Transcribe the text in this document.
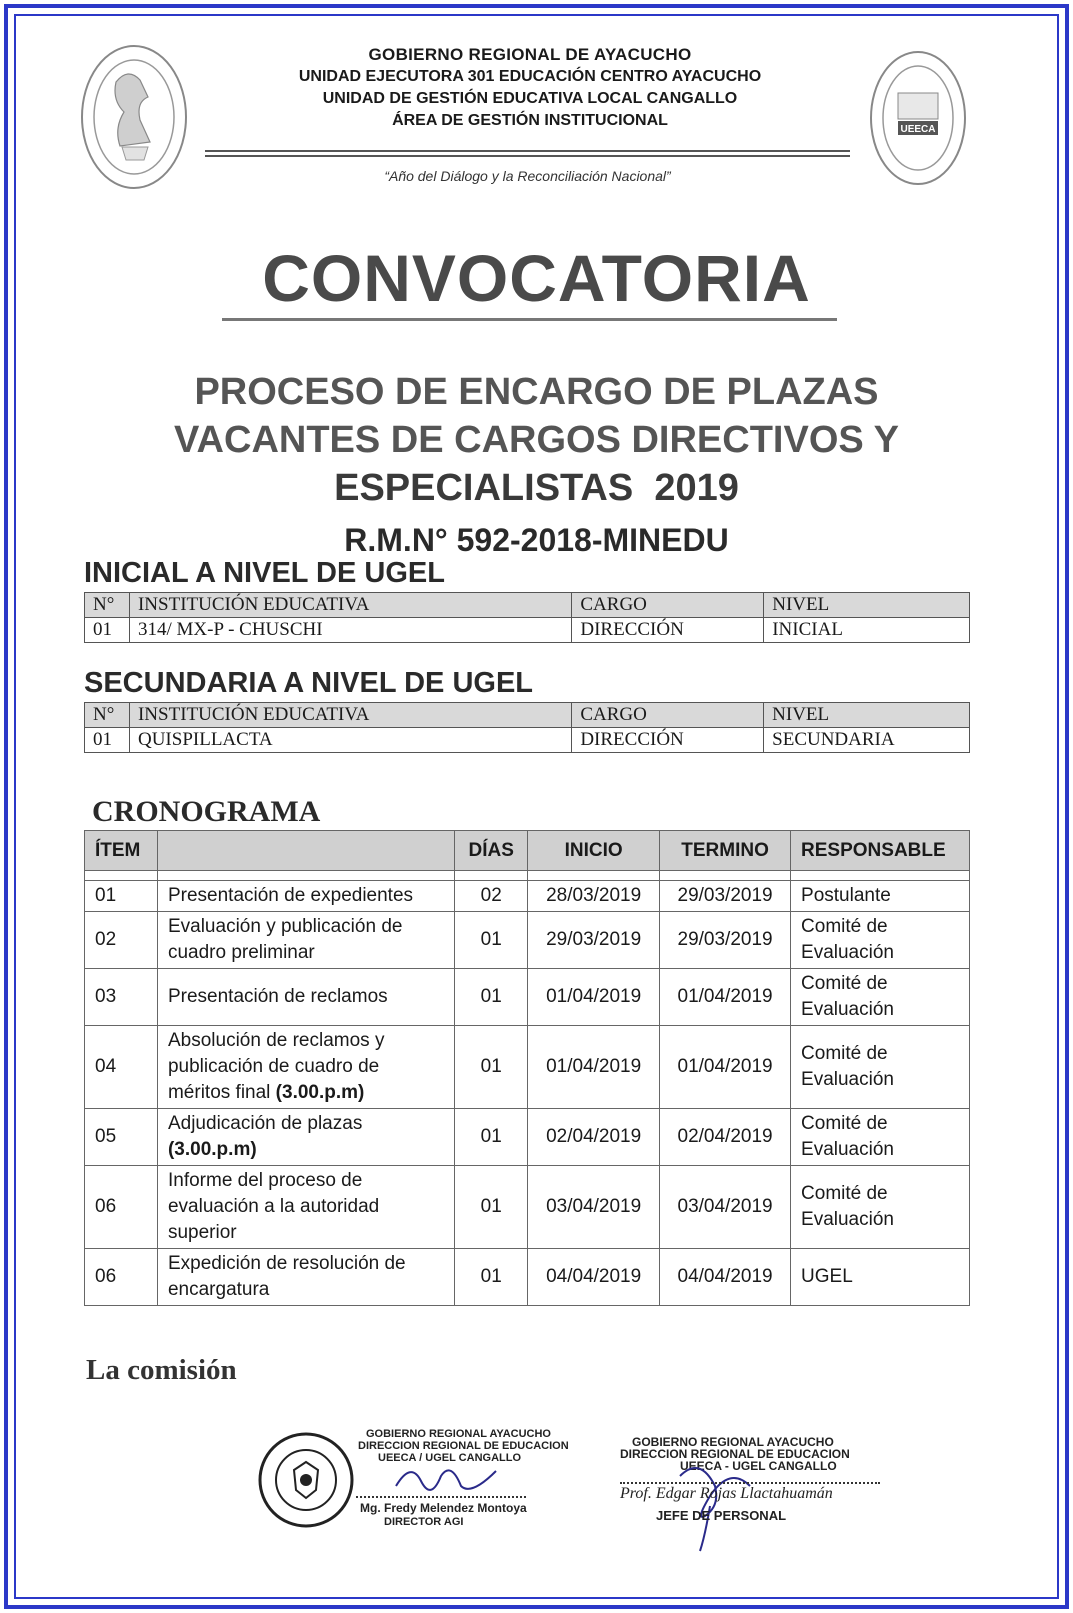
UEECA
GOBIERNO REGIONAL DE AYACUCHO
UNIDAD EJECUTORA 301 EDUCACIÓN CENTRO AYACUCHO
UNIDAD DE GESTIÓN EDUCATIVA LOCAL CANGALLO
ÁREA DE GESTIÓN INSTITUCIONAL
“Año del Diálogo y la Reconciliación Nacional”
CONVOCATORIA
PROCESO DE ENCARGO DE PLAZAS
VACANTES DE CARGOS DIRECTIVOS Y
ESPECIALISTAS 2019
R.M.N° 592-2018-MINEDU
INICIAL A NIVEL DE UGEL
N°	INSTITUCIÓN EDUCATIVA	CARGO	NIVEL
01	314/ MX-P - CHUSCHI	DIRECCIÓN	INICIAL
SECUNDARIA A NIVEL DE UGEL
N°	INSTITUCIÓN EDUCATIVA	CARGO	NIVEL
01	QUISPILLACTA	DIRECCIÓN	SECUNDARIA
CRONOGRAMA
ÍTEM		DÍAS	INICIO	TERMINO	RESPONSABLE

01	Presentación de expedientes	02	28/03/2019	29/03/2019	Postulante
02	Evaluación y publicación de cuadro preliminar	01	29/03/2019	29/03/2019	Comité de Evaluación
03	Presentación de reclamos	01	01/04/2019	01/04/2019	Comité de Evaluación
04	Absolución de reclamos y publicación de cuadro de méritos final (3.00.p.m)	01	01/04/2019	01/04/2019	Comité de Evaluación
05	Adjudicación de plazas (3.00.p.m)	01	02/04/2019	02/04/2019	Comité de Evaluación
06	Informe del proceso de evaluación a la autoridad superior	01	03/04/2019	03/04/2019	Comité de Evaluación
06	Expedición de resolución de encargatura	01	04/04/2019	04/04/2019	UGEL
La comisión
GOBIERNO REGIONAL AYACUCHO
DIRECCION REGIONAL DE EDUCACION
UEECA / UGEL CANGALLO
Mg. Fredy Melendez Montoya
DIRECTOR AGI
GOBIERNO REGIONAL AYACUCHO
DIRECCION REGIONAL DE EDUCACION
UEECA - UGEL CANGALLO
Prof. Edgar Rojas Llactahuamán
JEFE DE PERSONAL
